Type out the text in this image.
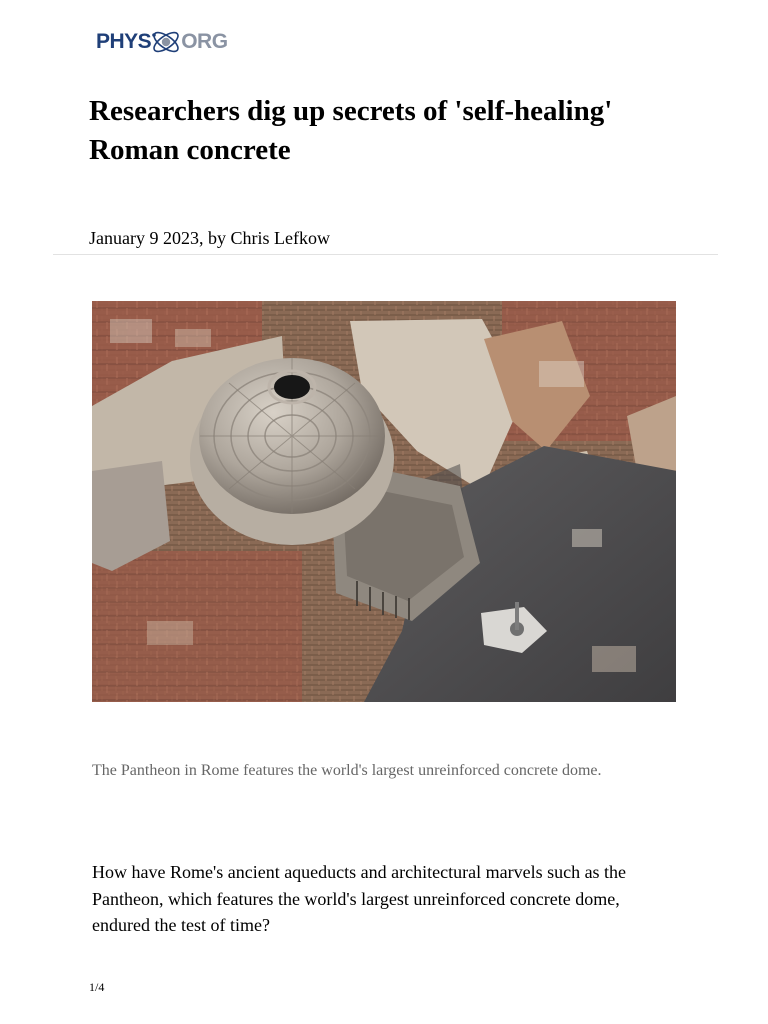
PHYS ORG
Researchers dig up secrets of 'self-healing' Roman concrete
January 9 2023, by Chris Lefkow
The Pantheon in Rome features the world's largest unreinforced concrete dome.

How have Rome's ancient aqueducts and architectural marvels such as the Pantheon, which features the world's largest unreinforced concrete dome, endured the test of time?

1/4
